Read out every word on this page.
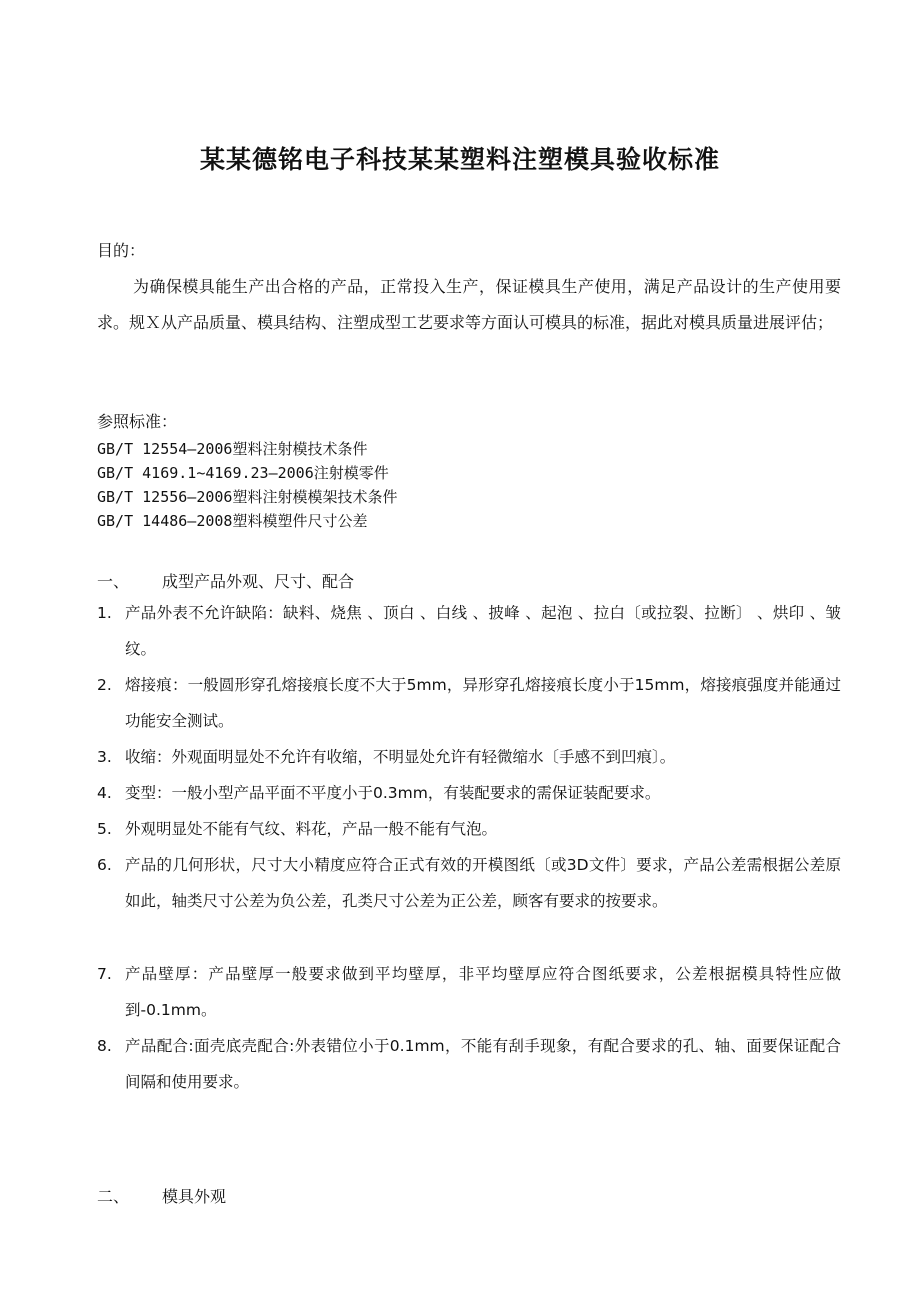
某某德铭电子科技某某塑料注塑模具验收标准
目的：
为确保模具能生产出合格的产品，正常投入生产，保证模具生产使用，满足产品设计的生产使用要求。规Ｘ从产品质量、模具结构、注塑成型工艺要求等方面认可模具的标准，据此对模具质量进展评估；
参照标准：
GB/T 12554—2006塑料注射模技术条件
GB/T 4169.1~4169.23—2006注射模零件
GB/T 12556—2006塑料注射模模架技术条件
GB/T 14486—2008塑料模塑件尺寸公差
一、 成型产品外观、尺寸、配合
1. 产品外表不允许缺陷：缺料、烧焦 、顶白 、白线 、披峰 、起泡 、拉白〔或拉裂、拉断〕 、烘印 、皱纹。
2. 熔接痕：一般圆形穿孔熔接痕长度不大于5mm，异形穿孔熔接痕长度小于15mm，熔接痕强度并能通过功能安全测试。
3. 收缩：外观面明显处不允许有收缩，不明显处允许有轻微缩水〔手感不到凹痕〕。
4. 变型：一般小型产品平面不平度小于0.3mm，有装配要求的需保证装配要求。
5. 外观明显处不能有气纹、料花，产品一般不能有气泡。
6. 产品的几何形状，尺寸大小精度应符合正式有效的开模图纸〔或3D文件〕要求，产品公差需根据公差原如此，轴类尺寸公差为负公差，孔类尺寸公差为正公差，顾客有要求的按要求。
7. 产品壁厚：产品壁厚一般要求做到平均壁厚，非平均壁厚应符合图纸要求，公差根据模具特性应做到-0.1mm。
8. 产品配合:面壳底壳配合:外表错位小于0.1mm，不能有刮手现象，有配合要求的孔、轴、面要保证配合间隔和使用要求。
二、 模具外观
